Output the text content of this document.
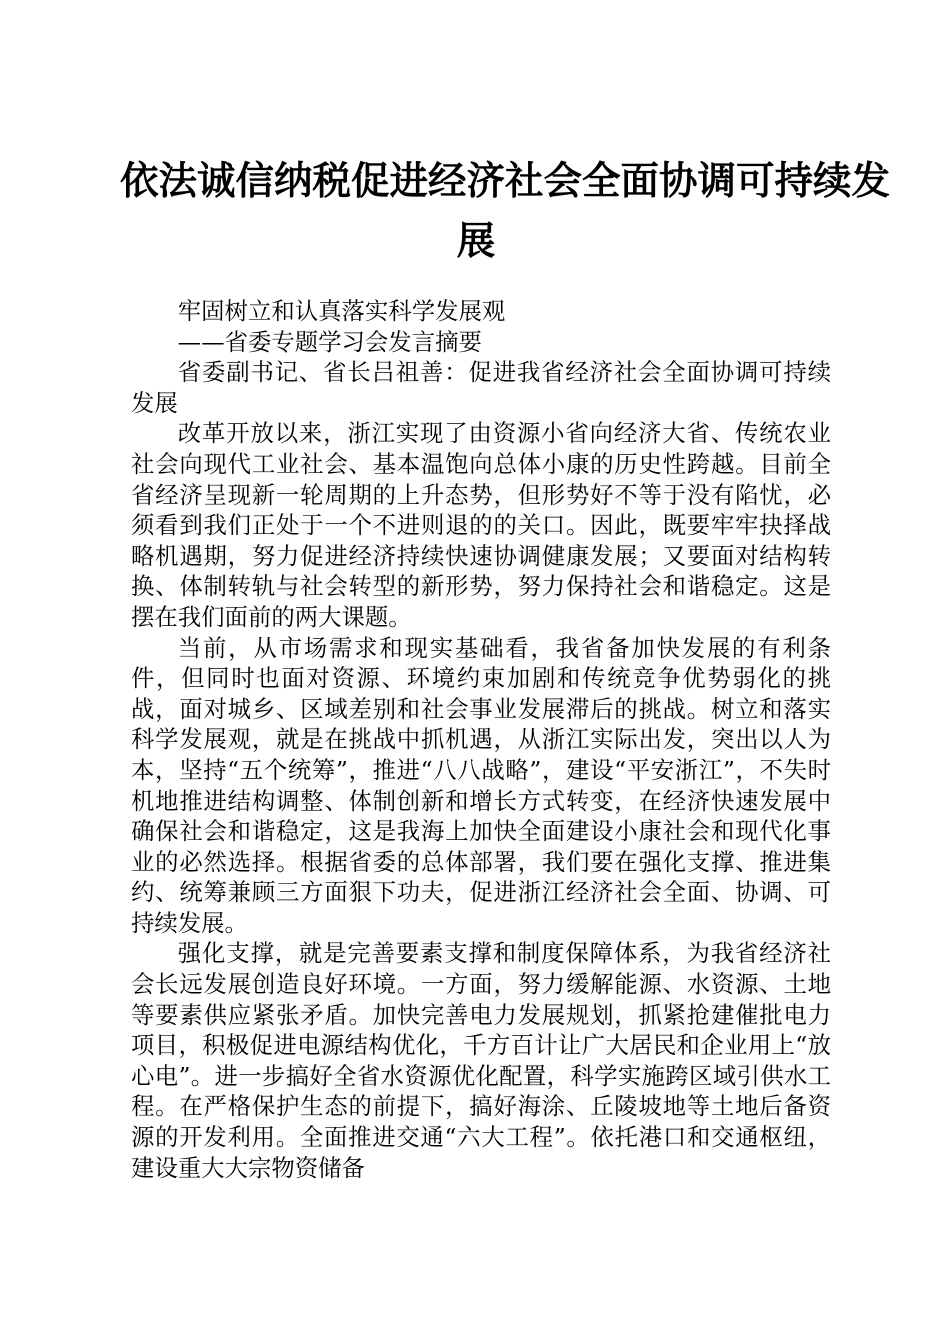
依法诚信纳税促进经济社会全面协调可持续发
展

牢固树立和认真落实科学发展观

——省委专题学习会发言摘要

省委副书记、省长吕祖善：促进我省经济社会全面协调可持续发展

改革开放以来，浙江实现了由资源小省向经济大省、传统农业社会向现代工业社会、基本温饱向总体小康的历史性跨越。目前全省经济呈现新一轮周期的上升态势，但形势好不等于没有陷忧，必须看到我们正处于一个不进则退的的关口。因此，既要牢牢抉择战略机遇期，努力促进经济持续快速协调健康发展；又要面对结构转换、体制转轨与社会转型的新形势，努力保持社会和谐稳定。这是摆在我们面前的两大课题。

当前，从市场需求和现实基础看，我省备加快发展的有利条件，但同时也面对资源、环境约束加剧和传统竞争优势弱化的挑战，面对城乡、区域差别和社会事业发展滞后的挑战。树立和落实科学发展观，就是在挑战中抓机遇，从浙江实际出发，突出以人为本，坚持“五个统筹”，推进“八八战略”，建设“平安浙江”，不失时机地推进结构调整、体制创新和增长方式转变，在经济快速发展中确保社会和谐稳定，这是我海上加快全面建设小康社会和现代化事业的必然选择。根据省委的总体部署，我们要在强化支撑、推进集约、统筹兼顾三方面狠下功夫，促进浙江经济社会全面、协调、可持续发展。

强化支撑，就是完善要素支撑和制度保障体系，为我省经济社会长远发展创造良好环境。一方面，努力缓解能源、水资源、土地等要素供应紧张矛盾。加快完善电力发展规划，抓紧抢建催批电力项目，积极促进电源结构优化，千方百计让广大居民和企业用上“放心电”。进一步搞好全省水资源优化配置，科学实施跨区域引供水工程。在严格保护生态的前提下，搞好海涂、丘陵坡地等土地后备资源的开发利用。全面推进交通“六大工程”。依托港口和交通枢纽，建设重大大宗物资储备
